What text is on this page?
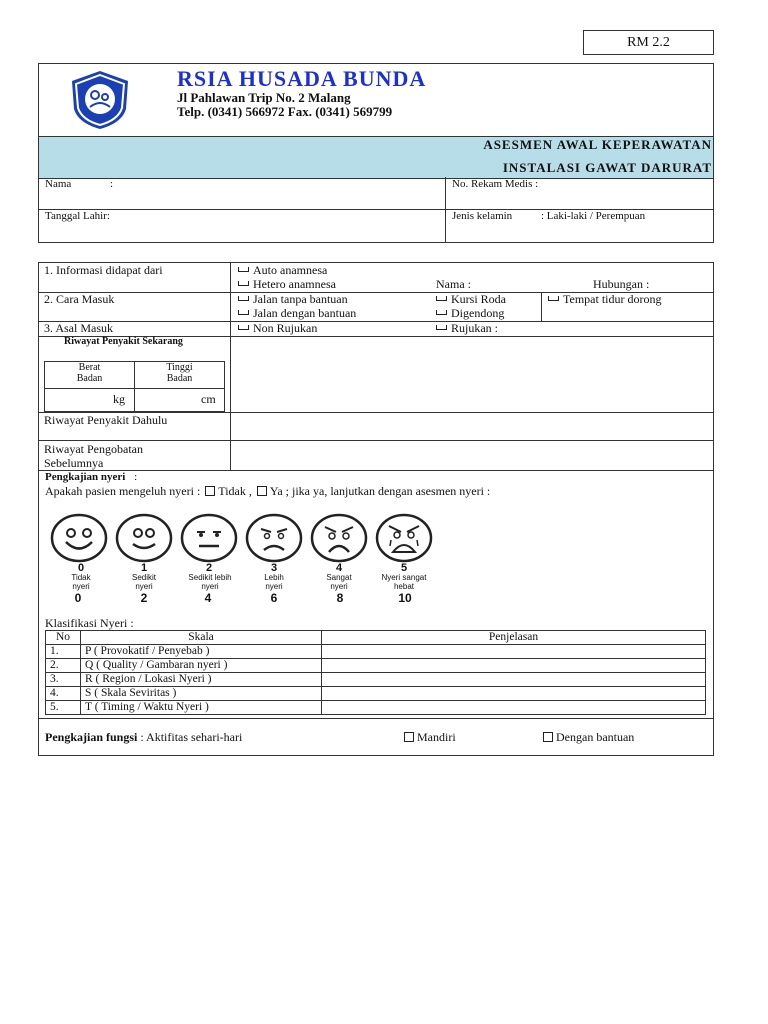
RM 2.2
RSIA HUSADA BUNDA
Jl Pahlawan Trip No. 2 Malang
Telp. (0341) 566972 Fax. (0341) 569799
ASESMEN AWAL KEPERAWATAN
INSTALASI GAWAT DARURAT
Nama	:	No. Rekam Medis :
Tanggal Lahir:	Jenis kelamin	: Laki-laki / Perempuan
1. Informasi didapat dari	Auto anamnesa
Hetero anamnesa	Nama :	Hubungan :
2. Cara Masuk	Jalan tanpa bantuan	Kursi Roda	Tempat tidur dorong
Jalan dengan bantuan	Digendong
3. Asal Masuk	Non Rujukan	Rujukan :
Riwayat Penyakit Sekarang
Berat
Badan
Tinggi
Badan
kg	cm
Riwayat Penyakit Dahulu
Riwayat Pengobatan
Sebelumnya
Pengkajian nyeri :
Apakah pasien mengeluh nyeri : Tidak , Ya ; jika ya, lanjutkan dengan asesmen nyeri :
0	1	2	3	4	5
Tidak nyeri
Sedikit nyeri
Sedikit lebih nyeri
Lebih nyeri
Sangat nyeri
Nyeri sangat hebat
0	2	4	6	8	10
Klasifikasi Nyeri :
No	Skala	Penjelasan
1.	P ( Provokatif / Penyebab )	
2.	Q ( Quality / Gambaran nyeri )	
3.	R ( Region / Lokasi Nyeri )	
4.	S ( Skala Seviritas )	
5.	T ( Timing / Waktu Nyeri )	
Pengkajian fungsi : Aktifitas sehari-hari	Mandiri	Dengan bantuan
